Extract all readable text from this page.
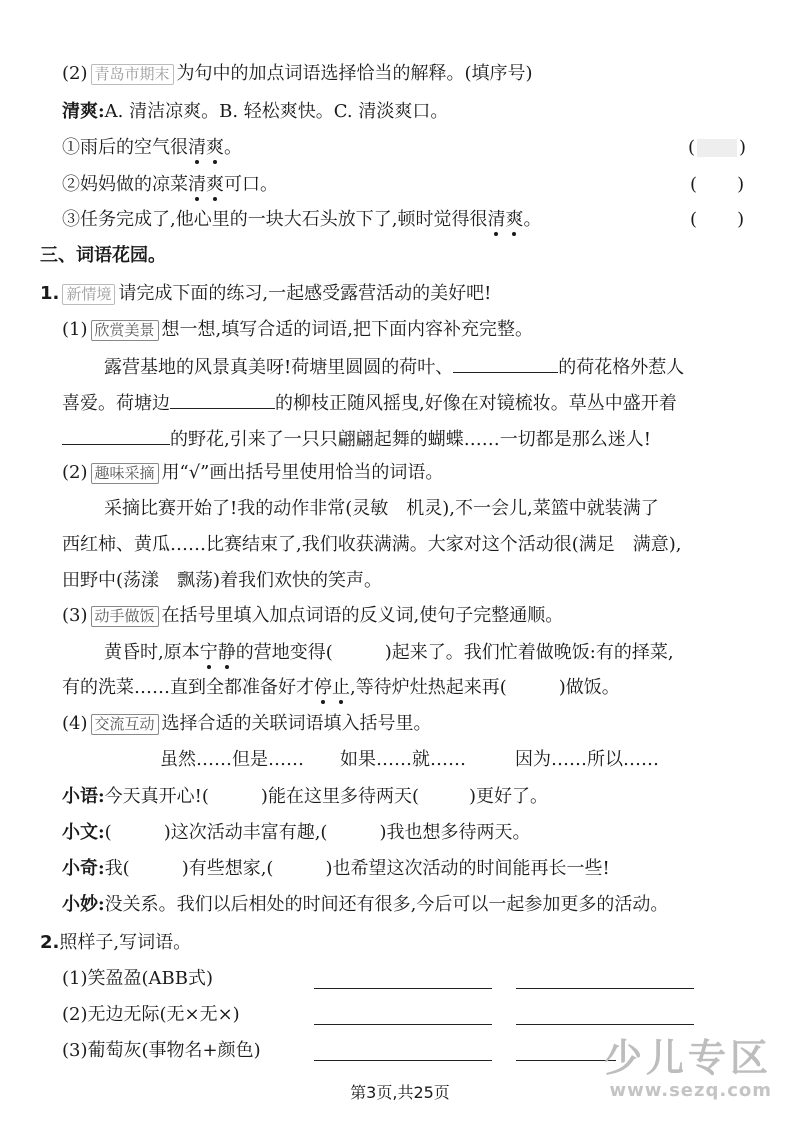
(2) 青岛市期末 为句中的加点词语选择恰当的解释。(填序号)
清爽:A. 清洁凉爽。B. 轻松爽快。C. 清淡爽口。
①雨后的空气很清爽。	( )
②妈妈做的凉菜清爽可口。	(       )
③任务完成了,他心里的一块大石头放下了,顿时觉得很清爽。	(       )
三、词语花园。
1. 新情境 请完成下面的练习,一起感受露营活动的美好吧!
(1) 欣赏美景 想一想,填写合适的词语,把下面内容补充完整。
露营基地的风景真美呀!荷塘里圆圆的荷叶、	的荷花格外惹人
喜爱。荷塘边	的柳枝正随风摇曳,好像在对镜梳妆。草丛中盛开着
的野花,引来了一只只翩翩起舞的蝴蝶……一切都是那么迷人!
(2) 趣味采摘 用“√”画出括号里使用恰当的词语。
采摘比赛开始了!我的动作非常(灵敏　机灵),不一会儿,菜篮中就装满了
西红柿、黄瓜……比赛结束了,我们收获满满。大家对这个活动很(满足　满意),
田野中(荡漾　飘荡)着我们欢快的笑声。
(3) 动手做饭 在括号里填入加点词语的反义词,使句子完整通顺。
黄昏时,原本宁静的营地变得(	)起来了。我们忙着做晚饭:有的择菜,
有的洗菜……直到全都准备好才停止,等待炉灶热起来再(	)做饭。
(4) 交流互动 选择合适的关联词语填入括号里。
虽然……但是…… 如果……就……	因为……所以……
小语:今天真开心!(	)能在这里多待两天(	)更好了。
小文:(	)这次活动丰富有趣,(	)我也想多待两天。
小奇:我(	)有些想家,(	)也希望这次活动的时间能再长一些!
小妙:没关系。我们以后相处的时间还有很多,今后可以一起参加更多的活动。
2.照样子,写词语。
(1)笑盈盈(ABB式)
(2)无边无际(无×无×)
(3)葡萄灰(事物名+颜色)	少儿专区
www.sezq.com
第3页,共25页
